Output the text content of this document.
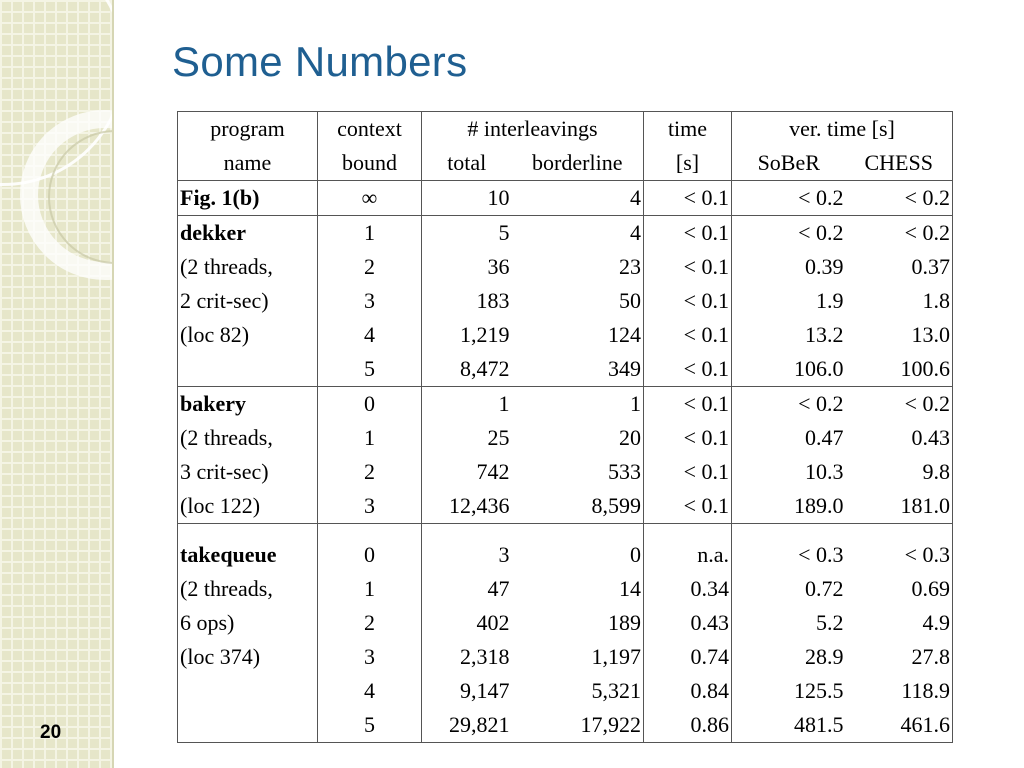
Some Numbers
program	context	# interleavings		time	ver. time [s]	
name	bound	total	borderline	[s]	SoBeR	CHESS
Fig. 1(b)	∞	10	4	< 0.1	< 0.2	< 0.2
dekker	1	5	4	< 0.1	< 0.2	< 0.2
(2 threads,	2	36	23	< 0.1	0.39	0.37
2 crit-sec)	3	183	50	< 0.1	1.9	1.8
(loc 82)	4	1,219	124	< 0.1	13.2	13.0
	5	8,472	349	< 0.1	106.0	100.6
bakery	0	1	1	< 0.1	< 0.2	< 0.2
(2 threads,	1	25	20	< 0.1	0.47	0.43
3 crit-sec)	2	742	533	< 0.1	10.3	9.8
(loc 122)	3	12,436	8,599	< 0.1	189.0	181.0

takequeue	0	3	0	n.a.	< 0.3	< 0.3
(2 threads,	1	47	14	0.34	0.72	0.69
6 ops)	2	402	189	0.43	5.2	4.9
(loc 374)	3	2,318	1,197	0.74	28.9	27.8
	4	9,147	5,321	0.84	125.5	118.9
	5	29,821	17,922	0.86	481.5	461.6
20
